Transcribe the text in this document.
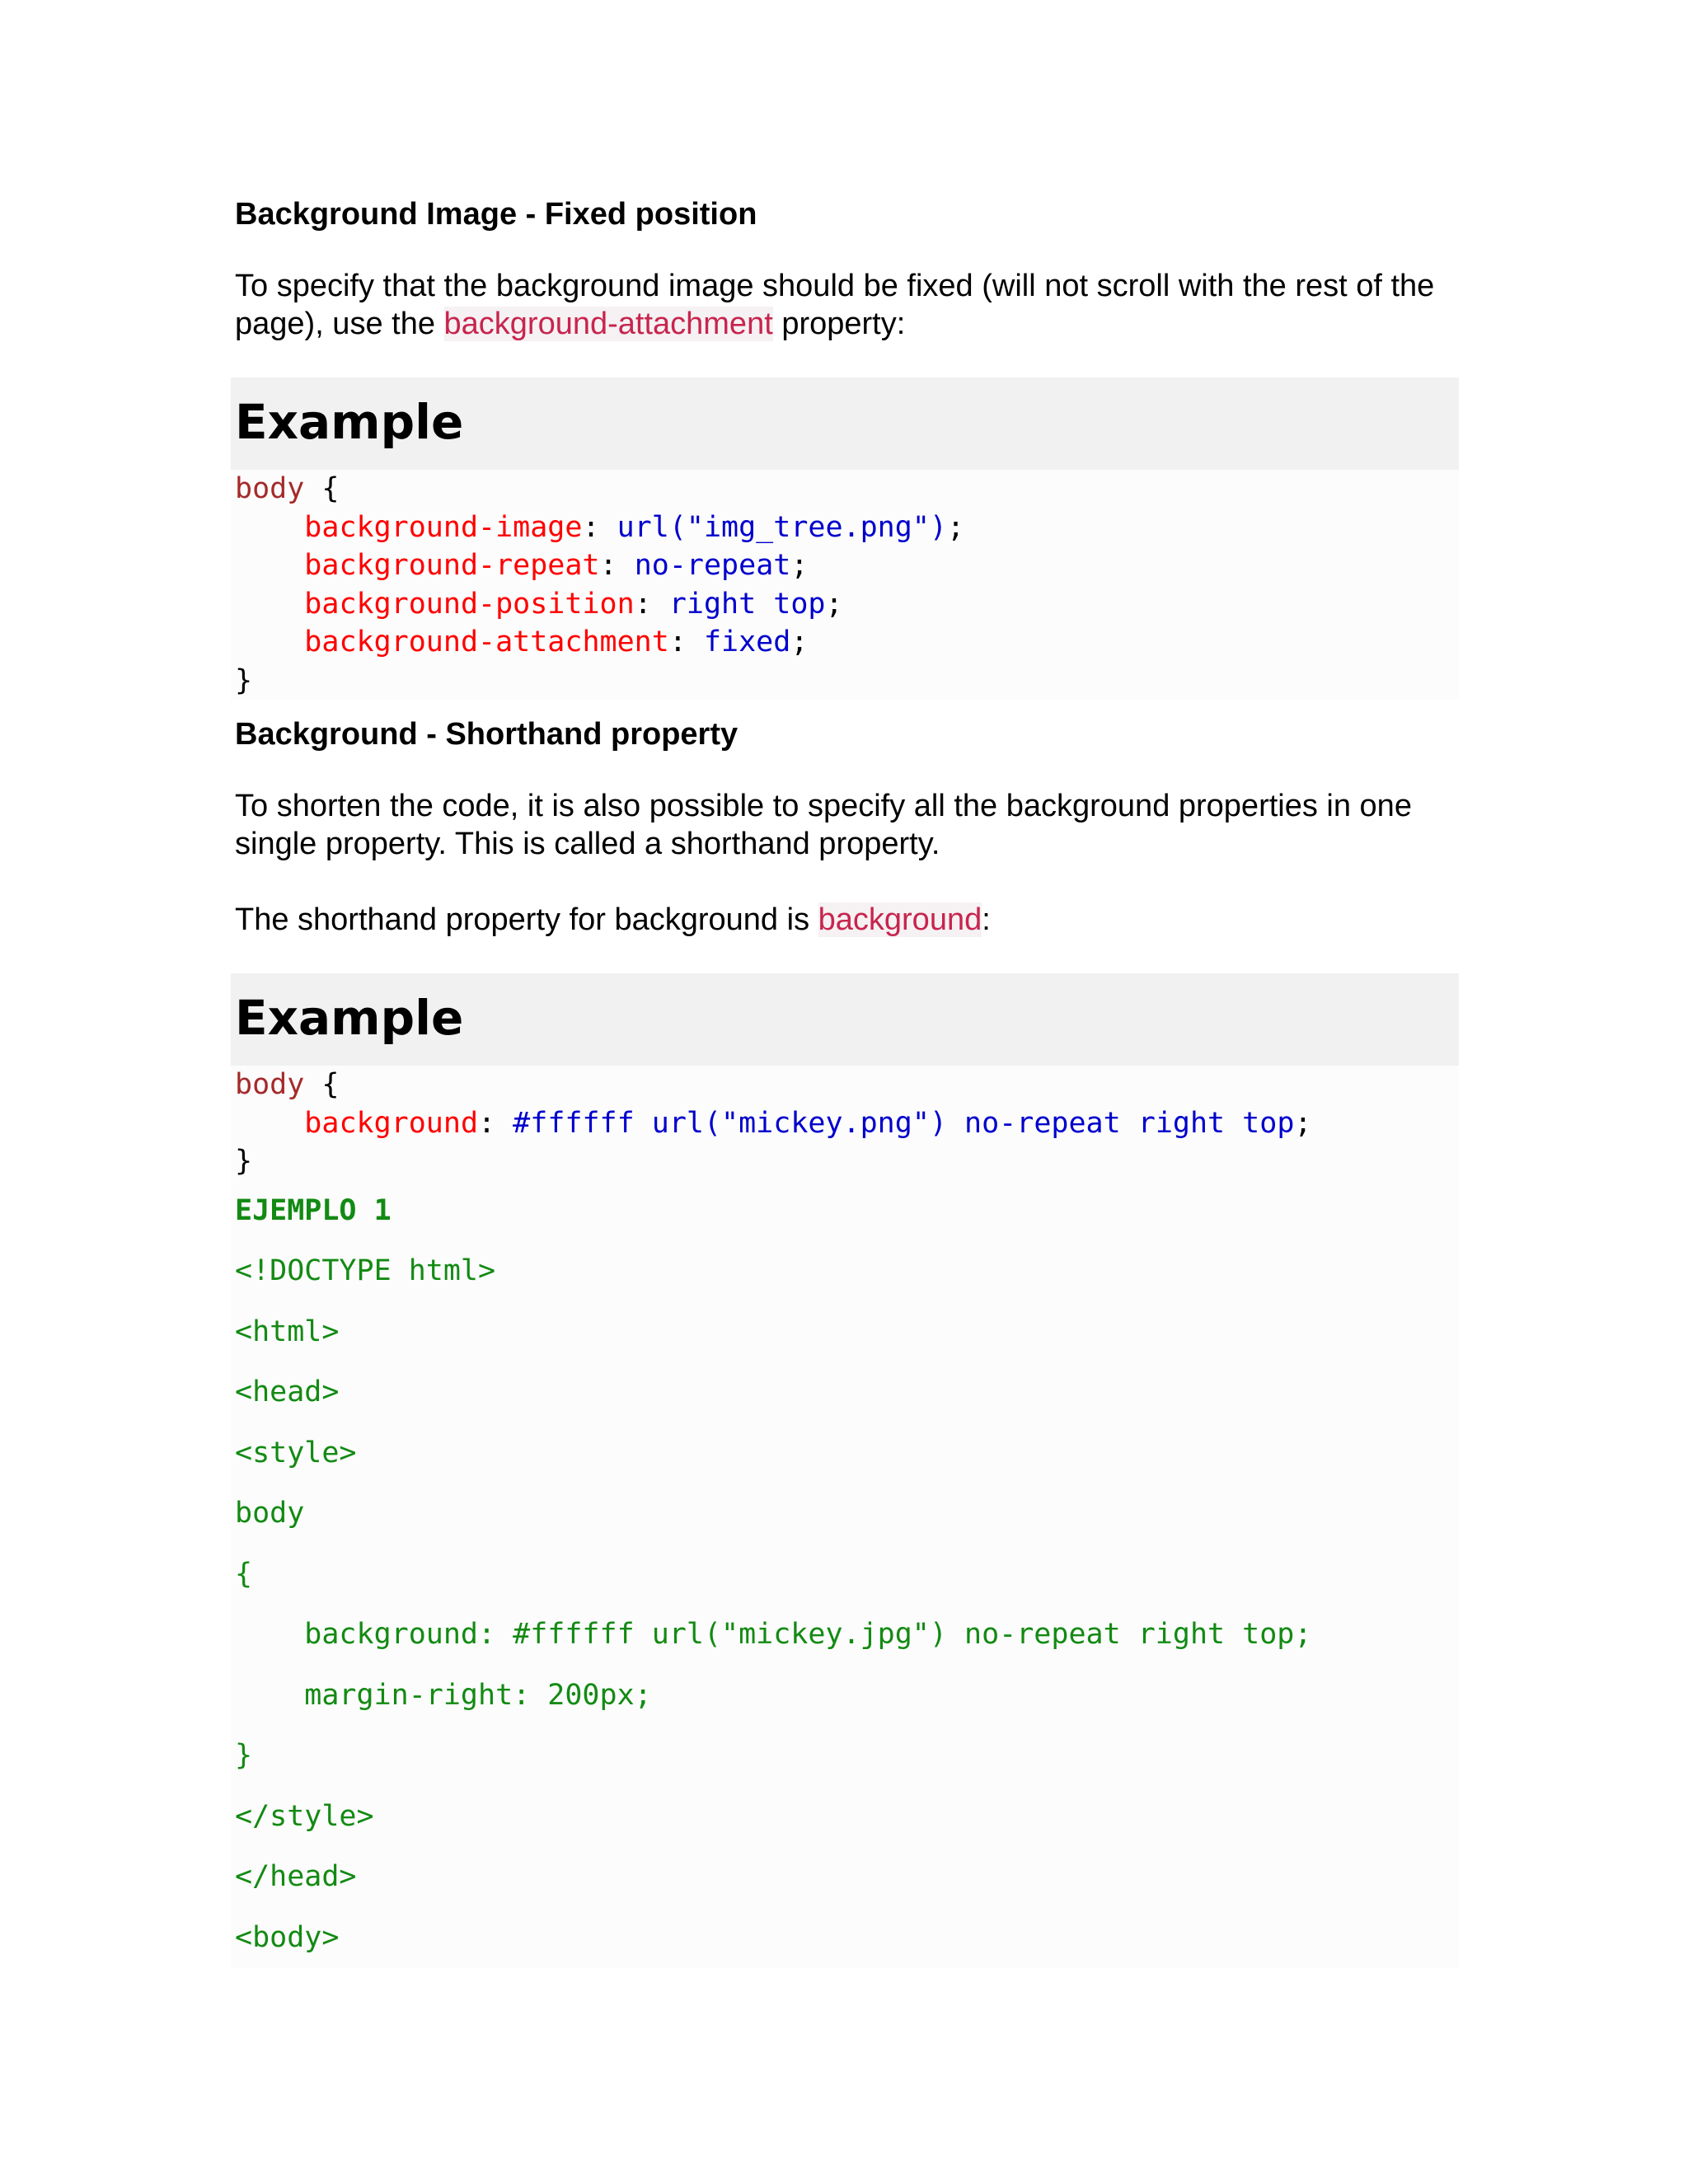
Background Image - Fixed position

To specify that the background image should be fixed (will not scroll with the rest of the page), use the background-attachment property:

Example
body {
background-image: url("img_tree.png");
background-repeat: no-repeat;
background-position: right top;
background-attachment: fixed;
}
Background - Shorthand property

To shorten the code, it is also possible to specify all the background properties in one single property. This is called a shorthand property.

The shorthand property for background is background:

Example
body {
background: #ffffff url("mickey.png") no-repeat right top;
}
EJEMPLO 1
<!DOCTYPE html>
<html>
<head>
<style>
body
{
background: #ffffff url("mickey.jpg") no-repeat right top;
margin-right: 200px;
}
</style>
</head>
<body>
